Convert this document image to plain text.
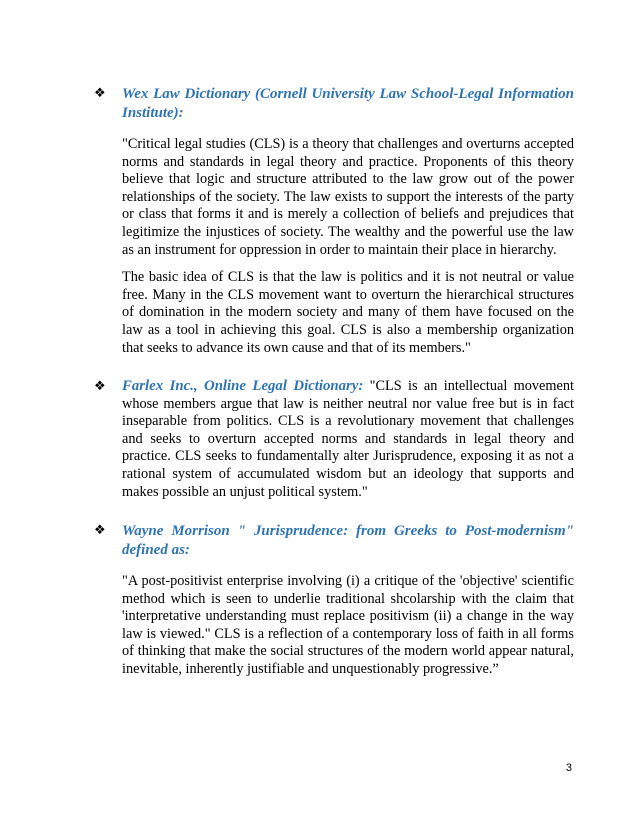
❖ Wex Law Dictionary (Cornell University Law School-Legal Information Institute):

"Critical legal studies (CLS) is a theory that challenges and overturns accepted norms and standards in legal theory and practice. Proponents of this theory believe that logic and structure attributed to the law grow out of the power relationships of the society. The law exists to support the interests of the party or class that forms it and is merely a collection of beliefs and prejudices that legitimize the injustices of society. The wealthy and the powerful use the law as an instrument for oppression in order to maintain their place in hierarchy.

The basic idea of CLS is that the law is politics and it is not neutral or value free. Many in the CLS movement want to overturn the hierarchical structures of domination in the modern society and many of them have focused on the law as a tool in achieving this goal. CLS is also a membership organization that seeks to advance its own cause and that of its members."

❖ Farlex Inc., Online Legal Dictionary: "CLS is an intellectual movement whose members argue that law is neither neutral nor value free but is in fact inseparable from politics. CLS is a revolutionary movement that challenges and seeks to overturn accepted norms and standards in legal theory and practice. CLS seeks to fundamentally alter Jurisprudence, exposing it as not a rational system of accumulated wisdom but an ideology that supports and makes possible an unjust political system."

❖ Wayne Morrison " Jurisprudence: from Greeks to Post-modernism" defined as:

"A post-positivist enterprise involving (i) a critique of the 'objective' scientific method which is seen to underlie traditional shcolarship with the claim that 'interpretative understanding must replace positivism (ii) a change in the way law is viewed." CLS is a reflection of a contemporary loss of faith in all forms of thinking that make the social structures of the modern world appear natural, inevitable, inherently justifiable and unquestionably progressive.”

3
